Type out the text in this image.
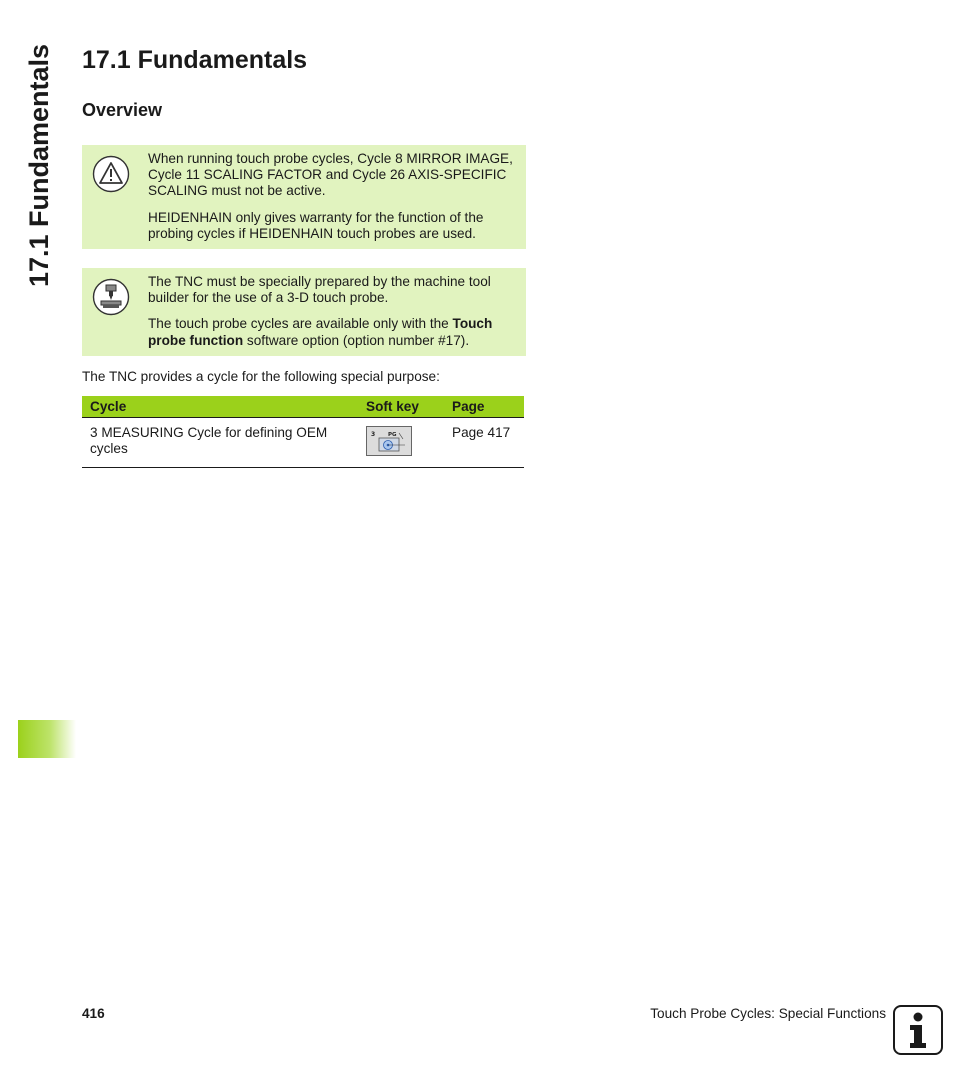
17.1 Fundamentals 17.1 Fundamentals
Overview

When running touch probe cycles, Cycle 8 MIRROR IMAGE, Cycle 11 SCALING FACTOR and Cycle 26 AXIS-SPECIFIC SCALING must not be active.

HEIDENHAIN only gives warranty for the function of the probing cycles if HEIDENHAIN touch probes are used.

The TNC must be specially prepared by the machine tool builder for the use of a 3-D touch probe.

The touch probe cycles are available only with the Touch probe function software option (option number #17).

The TNC provides a cycle for the following special purpose:

Cycle	Soft key	Page
3 MEASURING Cycle for defining OEM cycles	3 PG	Page 417
416	Touch Probe Cycles: Special Functions
